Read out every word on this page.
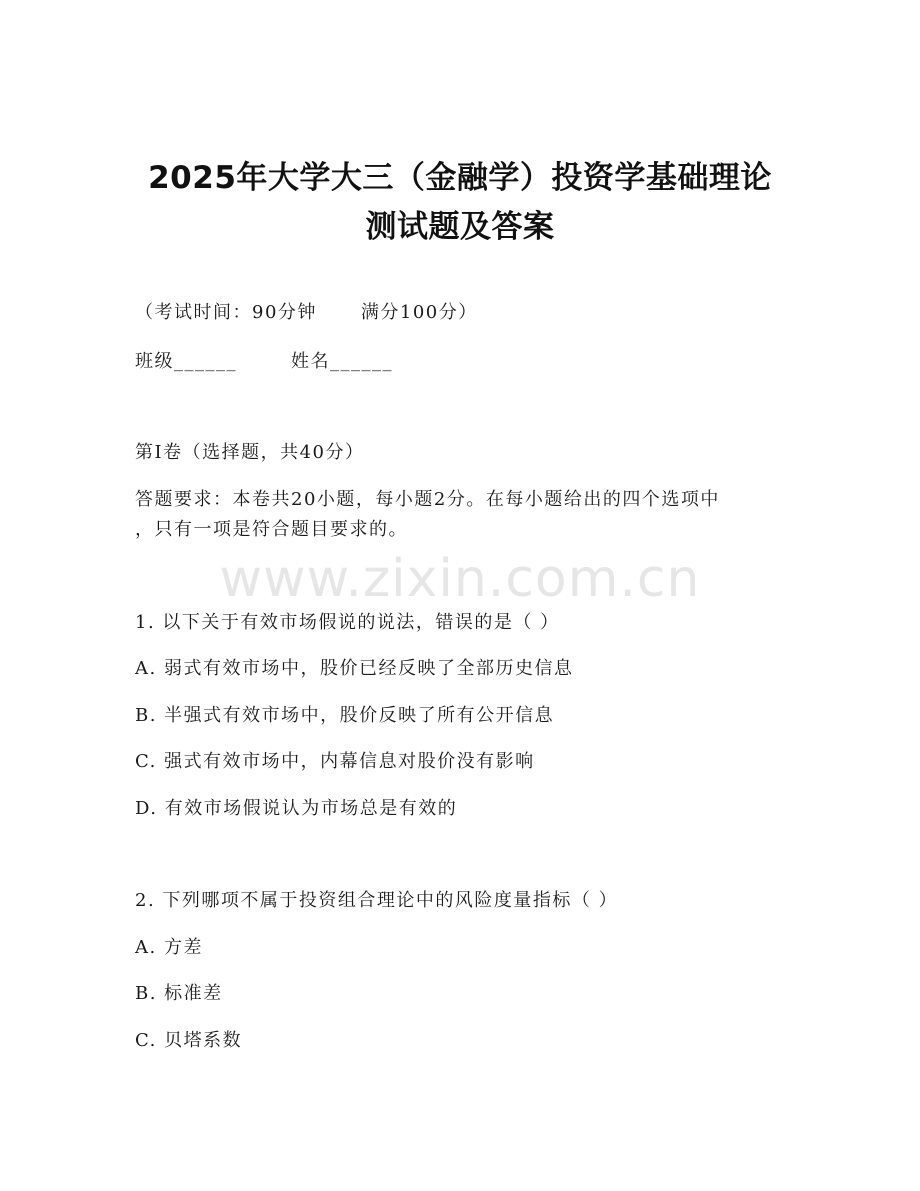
2025年大学大三（金融学）投资学基础理论
测试题及答案
（考试时间：90分钟 满分100分）
班级______	姓名______
第I卷（选择题，共40分）
答题要求：本卷共20小题，每小题2分。在每小题给出的四个选项中
，只有一项是符合题目要求的。
www.zixin.com.cn
1. 以下关于有效市场假说的说法，错误的是（ ）
A. 弱式有效市场中，股价已经反映了全部历史信息
B. 半强式有效市场中，股价反映了所有公开信息
C. 强式有效市场中，内幕信息对股价没有影响
D. 有效市场假说认为市场总是有效的
2. 下列哪项不属于投资组合理论中的风险度量指标（ ）
A. 方差
B. 标准差
C. 贝塔系数
